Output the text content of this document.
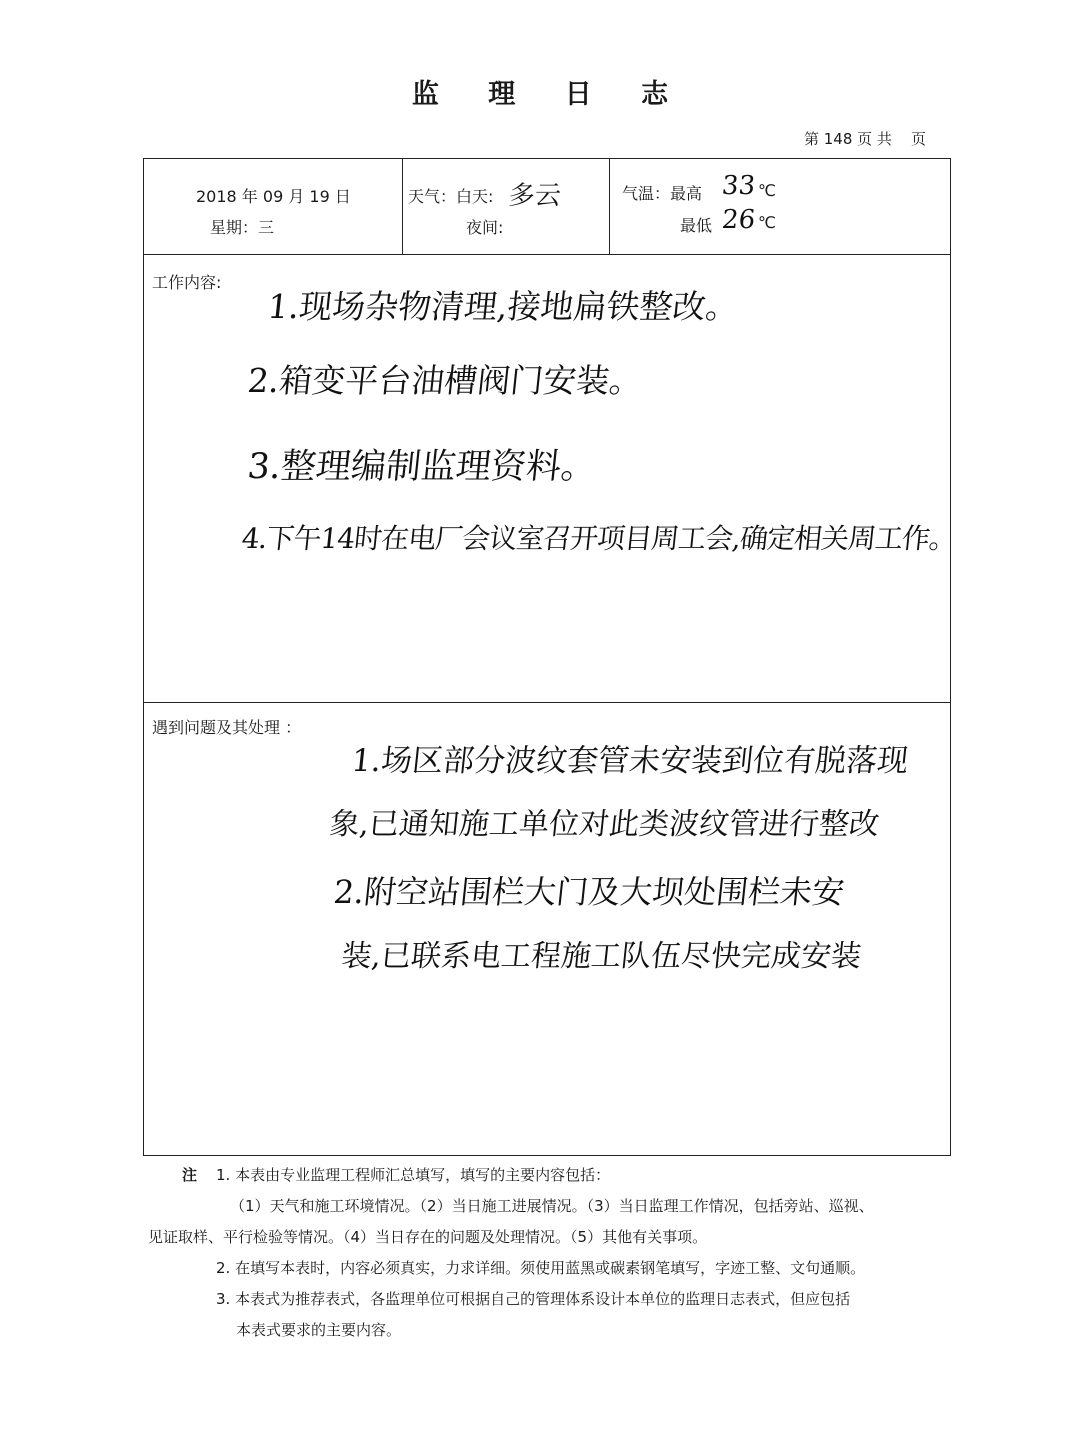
监 理 日 志
第 148 页 共    页
2018 年 09 月 19 日
星期：三
天气：白天: 多云
夜间:
气温：最高 33 ℃
最低 26 ℃
工作内容:
1.现场杂物清理,接地扁铁整改。
2.箱变平台油槽阀门安装。
3.整理编制监理资料。
4.下午14时在电厂会议室召开项目周工会,确定相关周工作。
遇到问题及其处理 ：
1.场区部分波纹套管未安装到位有脱落现
象,已通知施工单位对此类波纹管进行整改
2.附空站围栏大门及大坝处围栏未安
装,已联系电工程施工队伍尽快完成安装
注 1. 本表由专业监理工程师汇总填写，填写的主要内容包括：
（1）天气和施工环境情况。（2）当日施工进展情况。（3）当日监理工作情况，包括旁站、巡视、
见证取样、平行检验等情况。（4）当日存在的问题及处理情况。（5）其他有关事项。
2. 在填写本表时，内容必须真实，力求详细。须使用蓝黑或碳素钢笔填写，字迹工整、文句通顺。
3. 本表式为推荐表式，各监理单位可根据自己的管理体系设计本单位的监理日志表式，但应包括
本表式要求的主要内容。
